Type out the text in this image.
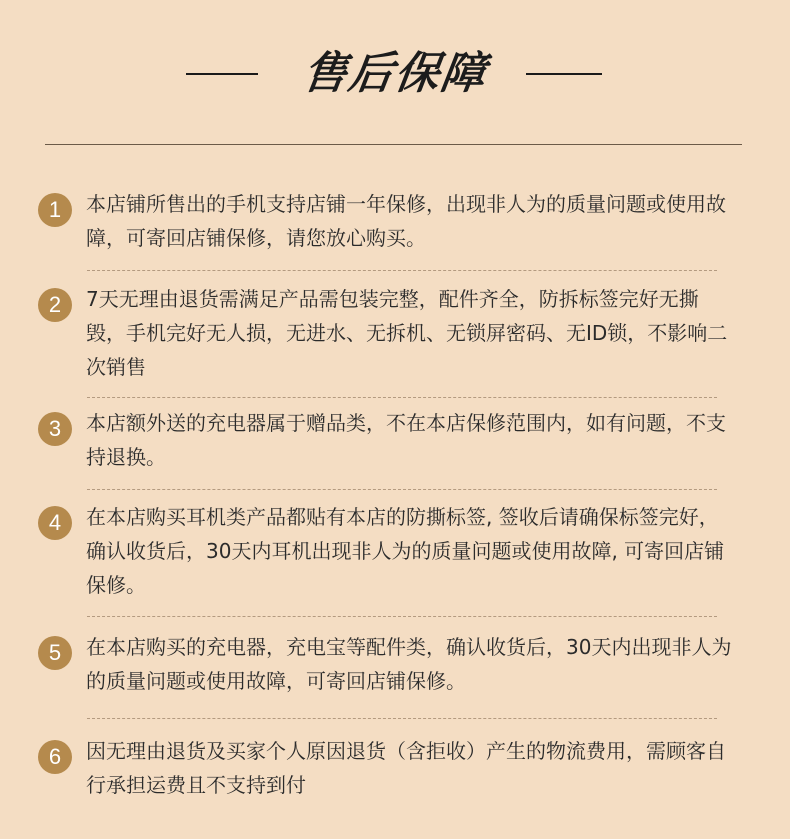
售后保障
1	本店铺所售出的手机支持店铺一年保修，出现非人为的质量问题或使用故障，可寄回店铺保修，请您放心购买。
2	7天无理由退货需满足产品需包装完整，配件齐全，防拆标签完好无撕毁，手机完好无人损，无进水、无拆机、无锁屏密码、无ID锁，不影响二次销售
3	本店额外送的充电器属于赠品类，不在本店保修范围内，如有问题，不支持退换。
4	在本店购买耳机类产品都贴有本店的防撕标签, 签收后请确保标签完好，确认收货后，30天内耳机出现非人为的质量问题或使用故障, 可寄回店铺保修。
5	在本店购买的充电器，充电宝等配件类，确认收货后，30天内出现非人为的质量问题或使用故障，可寄回店铺保修。
6	因无理由退货及买家个人原因退货（含拒收）产生的物流费用，需顾客自行承担运费且不支持到付
